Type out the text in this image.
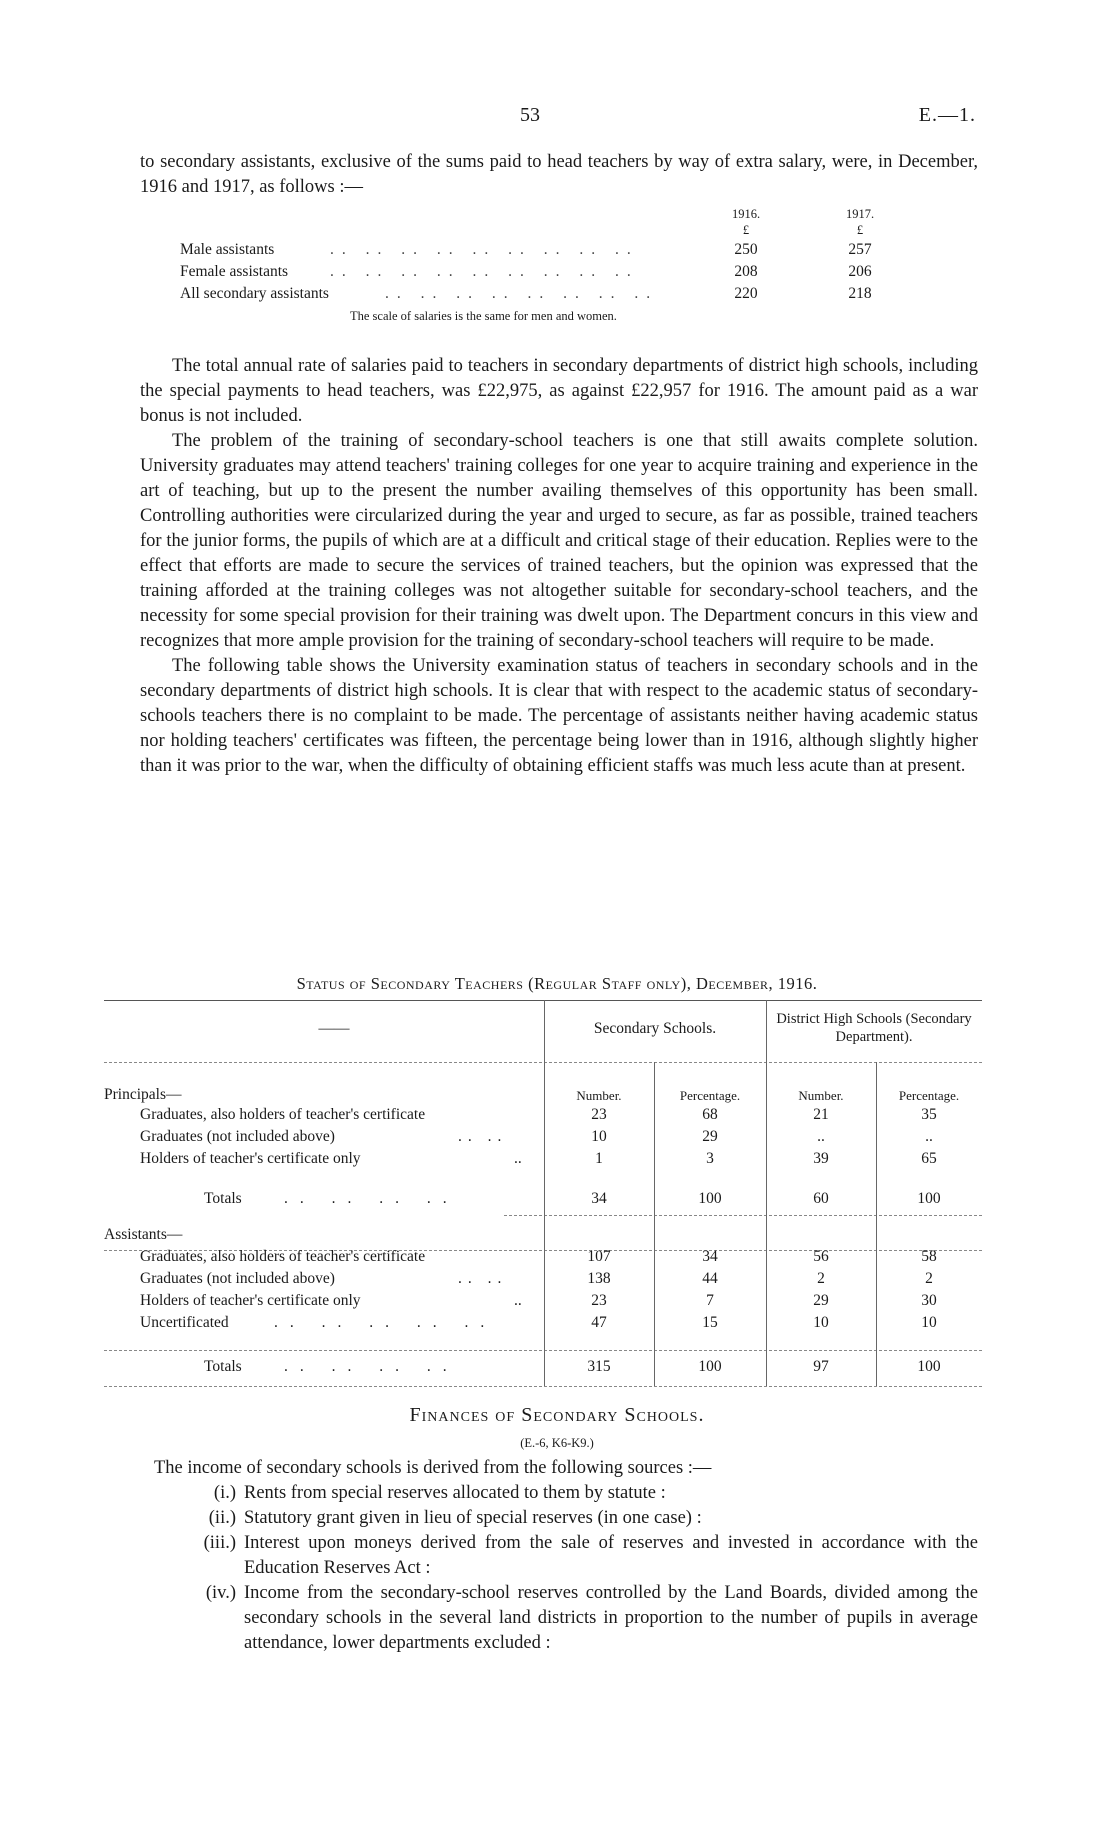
53	E.—1.

to secondary assistants, exclusive of the sums paid to head teachers by way of extra salary, were, in December, 1916 and 1917, as follows :—

1916.	1917.
£	£
Male assistants	.. .. .. .. .. .. .. .. ..	250	257
Female assistants	.. .. .. .. .. .. .. .. ..	208	206
All secondary assistants	.. .. .. .. .. .. .. ..	220	218
The scale of salaries is the same for men and women.

The total annual rate of salaries paid to teachers in secondary departments of district high schools, including the special payments to head teachers, was £22,975, as against £22,957 for 1916. The amount paid as a war bonus is not included.

The problem of the training of secondary-school teachers is one that still awaits complete solution. University graduates may attend teachers' training colleges for one year to acquire training and experience in the art of teaching, but up to the present the number availing themselves of this opportunity has been small. Controlling authorities were circularized during the year and urged to secure, as far as possible, trained teachers for the junior forms, the pupils of which are at a difficult and critical stage of their education. Replies were to the effect that efforts are made to secure the services of trained teachers, but the opinion was expressed that the training afforded at the training colleges was not altogether suitable for secondary-school teachers, and the necessity for some special provision for their training was dwelt upon. The Department concurs in this view and recognizes that more ample provision for the training of secondary-school teachers will require to be made.

The following table shows the University examination status of teachers in secondary schools and in the secondary departments of district high schools. It is clear that with respect to the academic status of secondary-schools teachers there is no complaint to be made. The percentage of assistants neither having academic status nor holding teachers' certificates was fifteen, the percentage being lower than in 1916, although slightly higher than it was prior to the war, when the difficulty of obtaining efficient staffs was much less acute than at present.

Status of Secondary Teachers (Regular Staff only), December, 1916.
——	Secondary Schools.
District High Schools (Secondary Department).
Principals—	Number.	Percentage.	Number.	Percentage.
Graduates, also holders of teacher's certificate	23	68	21	35
Graduates (not included above)	.. ..	10	29	..	..
Holders of teacher's certificate only	..	1	3	39	65
Totals	.. .. .. ..	34	100	60	100
Assistants—
Graduates, also holders of teacher's certificate	107	34	56	58
Graduates (not included above)	.. ..	138	44	2	2
Holders of teacher's certificate only	..	23	7	29	30
Uncertificated	.. .. .. .. ..	47	15	10	10
Totals	.. .. .. ..	315	100	97	100
Finances of Secondary Schools.
(E.-6, K6-K9.)

The income of secondary schools is derived from the following sources :—

(i.) Rents from special reserves allocated to them by statute :
(ii.) Statutory grant given in lieu of special reserves (in one case) :
(iii.) Interest upon moneys derived from the sale of reserves and invested in accordance with the Education Reserves Act :
(iv.) Income from the secondary-school reserves controlled by the Land Boards, divided among the secondary schools in the several land districts in proportion to the number of pupils in average attendance, lower departments excluded :
